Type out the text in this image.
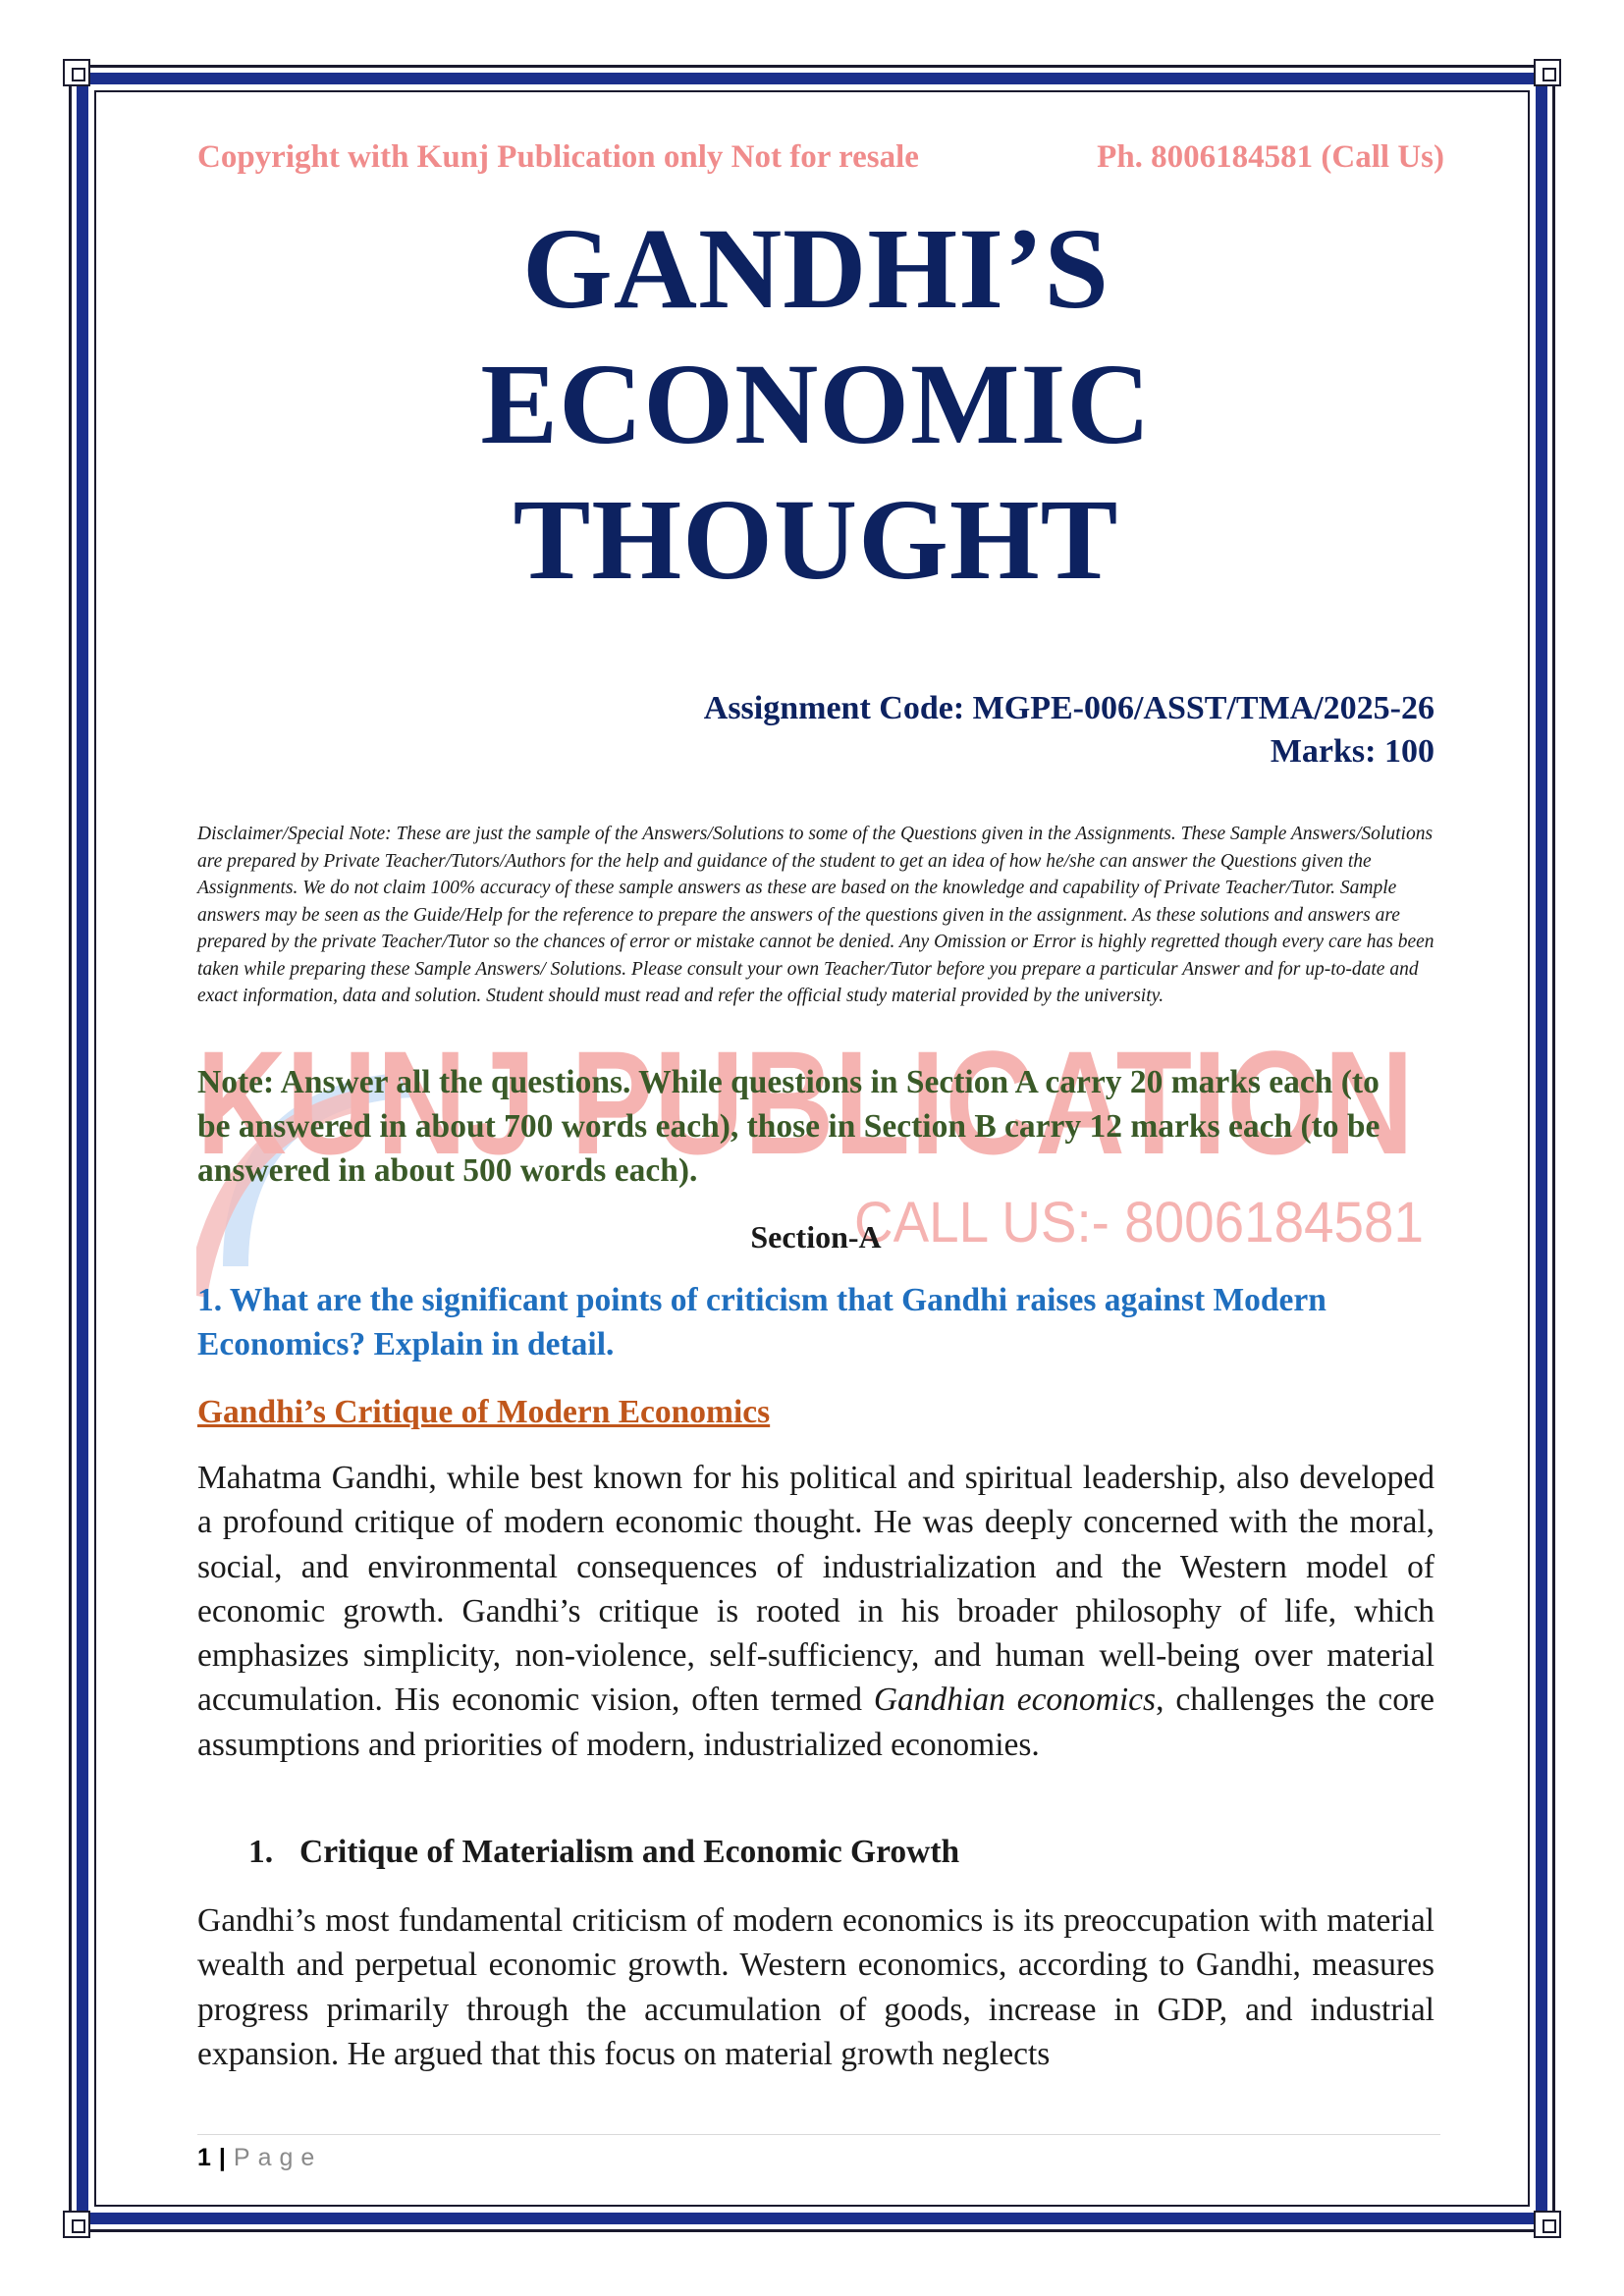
KUNJ PUBLICATION
CALL US:- 8006184581
Copyright with Kunj Publication only Not for resale	Ph. 8006184581 (Call Us)
GANDHI’S ECONOMIC
THOUGHT
Assignment Code: MGPE-006/ASST/TMA/2025-26
Marks: 100
Disclaimer/Special Note: These are just the sample of the Answers/Solutions to some of the Questions given in the Assignments. These Sample Answers/Solutions are prepared by Private Teacher/Tutors/Authors for the help and guidance of the student to get an idea of how he/she can answer the Questions given the Assignments. We do not claim 100% accuracy of these sample answers as these are based on the knowledge and capability of Private Teacher/Tutor. Sample answers may be seen as the Guide/Help for the reference to prepare the answers of the questions given in the assignment. As these solutions and answers are prepared by the private Teacher/Tutor so the chances of error or mistake cannot be denied. Any Omission or Error is highly regretted though every care has been taken while preparing these Sample Answers/ Solutions. Please consult your own Teacher/Tutor before you prepare a particular Answer and for up-to-date and exact information, data and solution. Student should must read and refer the official study material provided by the university.
Note: Answer all the questions. While questions in Section A carry 20 marks each (to be answered in about 700 words each), those in Section B carry 12 marks each (to be answered in about 500 words each).
Section-A
1. What are the significant points of criticism that Gandhi raises against Modern Economics? Explain in detail.
Gandhi’s Critique of Modern Economics
Mahatma Gandhi, while best known for his political and spiritual leadership, also developed a profound critique of modern economic thought. He was deeply concerned with the moral, social, and environmental consequences of industrialization and the Western model of economic growth. Gandhi’s critique is rooted in his broader philosophy of life, which emphasizes simplicity, non-violence, self-sufficiency, and human well-being over material accumulation. His economic vision, often termed Gandhian economics, challenges the core assumptions and priorities of modern, industrialized economies.
1. Critique of Materialism and Economic Growth
Gandhi’s most fundamental criticism of modern economics is its preoccupation with material wealth and perpetual economic growth. Western economics, according to Gandhi, measures progress primarily through the accumulation of goods, increase in GDP, and industrial expansion. He argued that this focus on material growth neglects
1 | Page
